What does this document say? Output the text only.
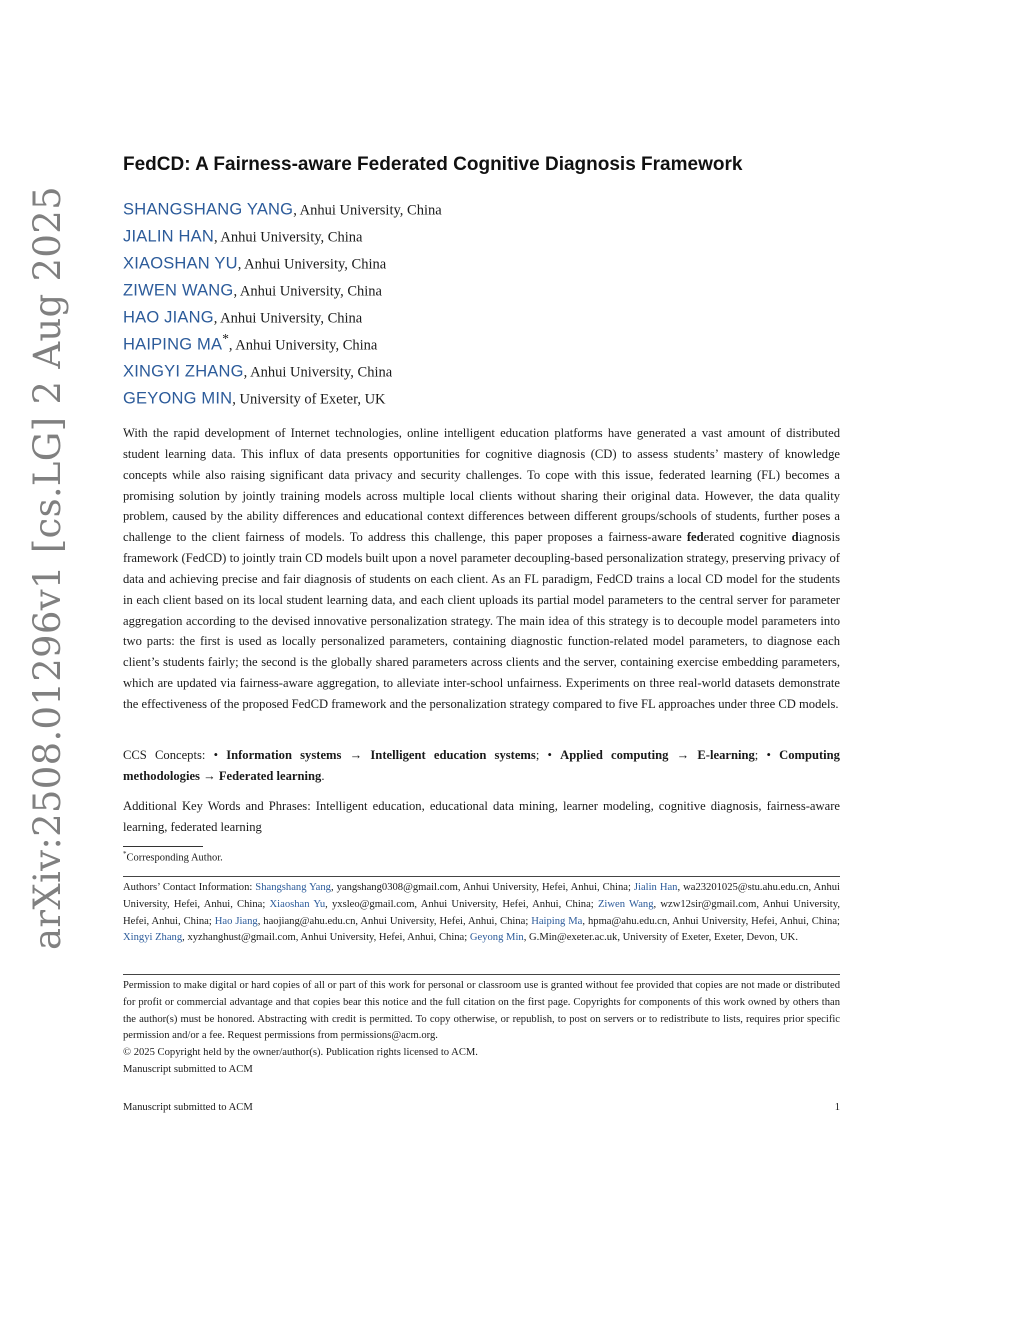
arXiv:2508.01296v1 [cs.LG] 2 Aug 2025
FedCD: A Fairness-aware Federated Cognitive Diagnosis Framework
SHANGSHANG YANG, Anhui University, China
JIALIN HAN, Anhui University, China
XIAOSHAN YU, Anhui University, China
ZIWEN WANG, Anhui University, China
HAO JIANG, Anhui University, China
HAIPING MA*, Anhui University, China
XINGYI ZHANG, Anhui University, China
GEYONG MIN, University of Exeter, UK
With the rapid development of Internet technologies, online intelligent education platforms have generated a vast amount of distributed student learning data. This influx of data presents opportunities for cognitive diagnosis (CD) to assess students’ mastery of knowledge concepts while also raising significant data privacy and security challenges. To cope with this issue, federated learning (FL) becomes a promising solution by jointly training models across multiple local clients without sharing their original data. However, the data quality problem, caused by the ability differences and educational context differences between different groups/schools of students, further poses a challenge to the client fairness of models. To address this challenge, this paper proposes a fairness-aware federated cognitive diagnosis framework (FedCD) to jointly train CD models built upon a novel parameter decoupling-based personalization strategy, preserving privacy of data and achieving precise and fair diagnosis of students on each client. As an FL paradigm, FedCD trains a local CD model for the students in each client based on its local student learning data, and each client uploads its partial model parameters to the central server for parameter aggregation according to the devised innovative personalization strategy. The main idea of this strategy is to decouple model parameters into two parts: the first is used as locally personalized parameters, containing diagnostic function-related model parameters, to diagnose each client’s students fairly; the second is the globally shared parameters across clients and the server, containing exercise embedding parameters, which are updated via fairness-aware aggregation, to alleviate inter-school unfairness. Experiments on three real-world datasets demonstrate the effectiveness of the proposed FedCD framework and the personalization strategy compared to five FL approaches under three CD models.
CCS Concepts: • Information systems → Intelligent education systems; • Applied computing → E-learning; • Computing methodologies → Federated learning.
Additional Key Words and Phrases: Intelligent education, educational data mining, learner modeling, cognitive diagnosis, fairness-aware learning, federated learning
*Corresponding Author.
Authors’ Contact Information: Shangshang Yang, yangshang0308@gmail.com, Anhui University, Hefei, Anhui, China; Jialin Han, wa23201025@stu.ahu.edu.cn, Anhui University, Hefei, Anhui, China; Xiaoshan Yu, yxsleo@gmail.com, Anhui University, Hefei, Anhui, China; Ziwen Wang, wzw12sir@gmail.com, Anhui University, Hefei, Anhui, China; Hao Jiang, haojiang@ahu.edu.cn, Anhui University, Hefei, Anhui, China; Haiping Ma, hpma@ahu.edu.cn, Anhui University, Hefei, Anhui, China; Xingyi Zhang, xyzhanghust@gmail.com, Anhui University, Hefei, Anhui, China; Geyong Min, G.Min@exeter.ac.uk, University of Exeter, Exeter, Devon, UK.
Permission to make digital or hard copies of all or part of this work for personal or classroom use is granted without fee provided that copies are not made or distributed for profit or commercial advantage and that copies bear this notice and the full citation on the first page. Copyrights for components of this work owned by others than the author(s) must be honored. Abstracting with credit is permitted. To copy otherwise, or republish, to post on servers or to redistribute to lists, requires prior specific permission and/or a fee. Request permissions from permissions@acm.org.
© 2025 Copyright held by the owner/author(s). Publication rights licensed to ACM.
Manuscript submitted to ACM
Manuscript submitted to ACM	1
